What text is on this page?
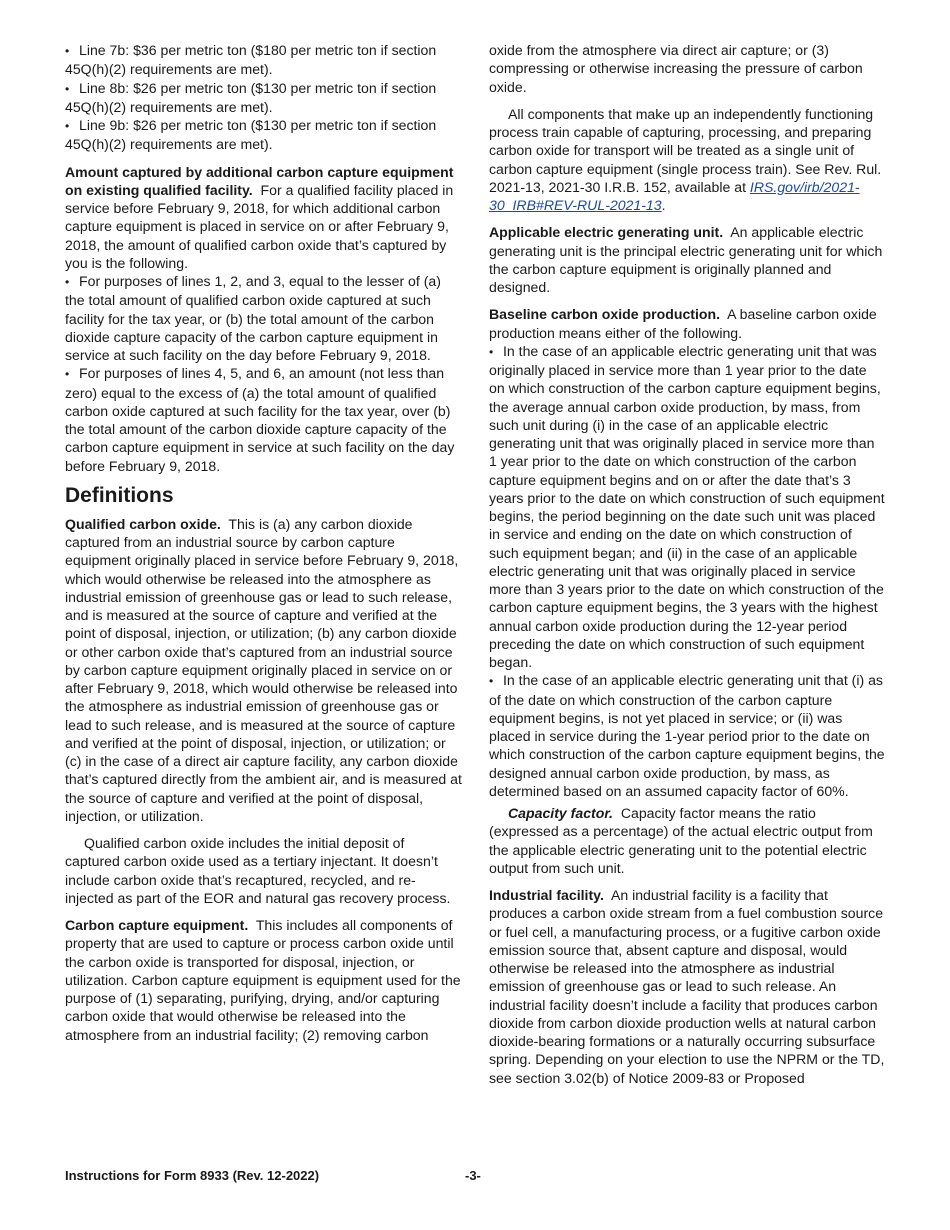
• Line 7b: $36 per metric ton ($180 per metric ton if section 45Q(h)(2) requirements are met).

• Line 8b: $26 per metric ton ($130 per metric ton if section 45Q(h)(2) requirements are met).

• Line 9b: $26 per metric ton ($130 per metric ton if section 45Q(h)(2) requirements are met).

Amount captured by additional carbon capture equipment on existing qualified facility. For a qualified facility placed in service before February 9, 2018, for which additional carbon capture equipment is placed in service on or after February 9, 2018, the amount of qualified carbon oxide that’s captured by you is the following.

• For purposes of lines 1, 2, and 3, equal to the lesser of (a) the total amount of qualified carbon oxide captured at such facility for the tax year, or (b) the total amount of the carbon dioxide capture capacity of the carbon capture equipment in service at such facility on the day before February 9, 2018.

• For purposes of lines 4, 5, and 6, an amount (not less than zero) equal to the excess of (a) the total amount of qualified carbon oxide captured at such facility for the tax year, over (b) the total amount of the carbon dioxide capture capacity of the carbon capture equipment in service at such facility on the day before February 9, 2018.

Definitions

Qualified carbon oxide. This is (a) any carbon dioxide captured from an industrial source by carbon capture equipment originally placed in service before February 9, 2018, which would otherwise be released into the atmosphere as industrial emission of greenhouse gas or lead to such release, and is measured at the source of capture and verified at the point of disposal, injection, or utilization; (b) any carbon dioxide or other carbon oxide that’s captured from an industrial source by carbon capture equipment originally placed in service on or after February 9, 2018, which would otherwise be released into the atmosphere as industrial emission of greenhouse gas or lead to such release, and is measured at the source of capture and verified at the point of disposal, injection, or utilization; or (c) in the case of a direct air capture facility, any carbon dioxide that’s captured directly from the ambient air, and is measured at the source of capture and verified at the point of disposal, injection, or utilization.

Qualified carbon oxide includes the initial deposit of captured carbon oxide used as a tertiary injectant. It doesn’t include carbon oxide that’s recaptured, recycled, and re-injected as part of the EOR and natural gas recovery process.

Carbon capture equipment. This includes all components of property that are used to capture or process carbon oxide until the carbon oxide is transported for disposal, injection, or utilization. Carbon capture equipment is equipment used for the purpose of (1) separating, purifying, drying, and/or capturing carbon oxide that would otherwise be released into the atmosphere from an industrial facility; (2) removing carbon

oxide from the atmosphere via direct air capture; or (3) compressing or otherwise increasing the pressure of carbon oxide.

All components that make up an independently functioning process train capable of capturing, processing, and preparing carbon oxide for transport will be treated as a single unit of carbon capture equipment (single process train). See Rev. Rul. 2021-13, 2021-30 I.R.B. 152, available at IRS.gov/irb/2021-30_IRB#REV-RUL-2021-13.

Applicable electric generating unit. An applicable electric generating unit is the principal electric generating unit for which the carbon capture equipment is originally planned and designed.

Baseline carbon oxide production. A baseline carbon oxide production means either of the following.

• In the case of an applicable electric generating unit that was originally placed in service more than 1 year prior to the date on which construction of the carbon capture equipment begins, the average annual carbon oxide production, by mass, from such unit during (i) in the case of an applicable electric generating unit that was originally placed in service more than 1 year prior to the date on which construction of the carbon capture equipment begins and on or after the date that’s 3 years prior to the date on which construction of such equipment begins, the period beginning on the date such unit was placed in service and ending on the date on which construction of such equipment began; and (ii) in the case of an applicable electric generating unit that was originally placed in service more than 3 years prior to the date on which construction of the carbon capture equipment begins, the 3 years with the highest annual carbon oxide production during the 12-year period preceding the date on which construction of such equipment began.

• In the case of an applicable electric generating unit that (i) as of the date on which construction of the carbon capture equipment begins, is not yet placed in service; or (ii) was placed in service during the 1-year period prior to the date on which construction of the carbon capture equipment begins, the designed annual carbon oxide production, by mass, as determined based on an assumed capacity factor of 60%.

Capacity factor. Capacity factor means the ratio (expressed as a percentage) of the actual electric output from the applicable electric generating unit to the potential electric output from such unit.

Industrial facility. An industrial facility is a facility that produces a carbon oxide stream from a fuel combustion source or fuel cell, a manufacturing process, or a fugitive carbon oxide emission source that, absent capture and disposal, would otherwise be released into the atmosphere as industrial emission of greenhouse gas or lead to such release. An industrial facility doesn’t include a facility that produces carbon dioxide from carbon dioxide production wells at natural carbon dioxide-bearing formations or a naturally occurring subsurface spring. Depending on your election to use the NPRM or the TD, see section 3.02(b) of Notice 2009-83 or Proposed

Instructions for Form 8933 (Rev. 12-2022)	-3-
